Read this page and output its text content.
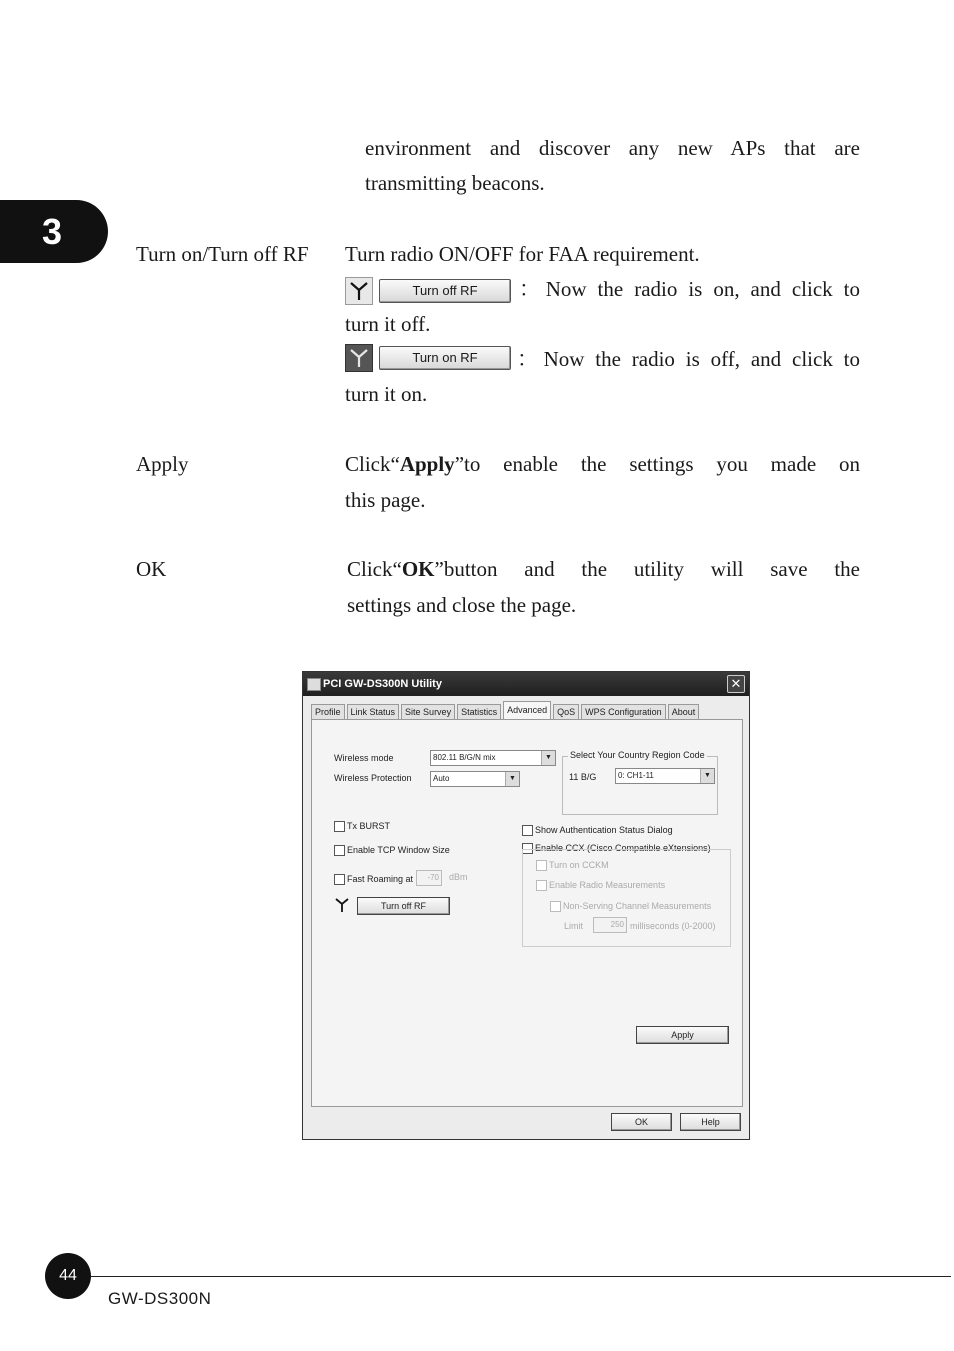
3
environment and discover any new APs that are
transmitting beacons.
Turn on/Turn off RF Turn radio ON/OFF for FAA requirement.
Turn off RF	：Now the radio is on, and click to
turn it off.
Turn on RF	：Now the radio is off, and click to
turn it on.
Apply	Click“Apply”to enable the settings you made on
this page.
OK	Click“OK”button and the utility will save the
settings and close the page.
PCI GW-DS300N Utility	✕
Profile	Link Status	Site Survey	Statistics	Advanced	QoS	WPS Configuration	About
Wireless mode	802.11 B/G/N mix	▼
Wireless Protection	Auto	▼
Select Your Country Region Code
11 B/G	0: CH1-11	▼
Tx BURST
Enable TCP Window Size
Fast Roaming at	-70	dBm
Turn off RF
Show Authentication Status Dialog
Enable CCX (Cisco Compatible eXtensions)
Turn on CCKM
Enable Radio Measurements
Non-Serving Channel Measurements
Limit	250 milliseconds (0-2000)
Apply
OK	Help
44
GW-DS300N
